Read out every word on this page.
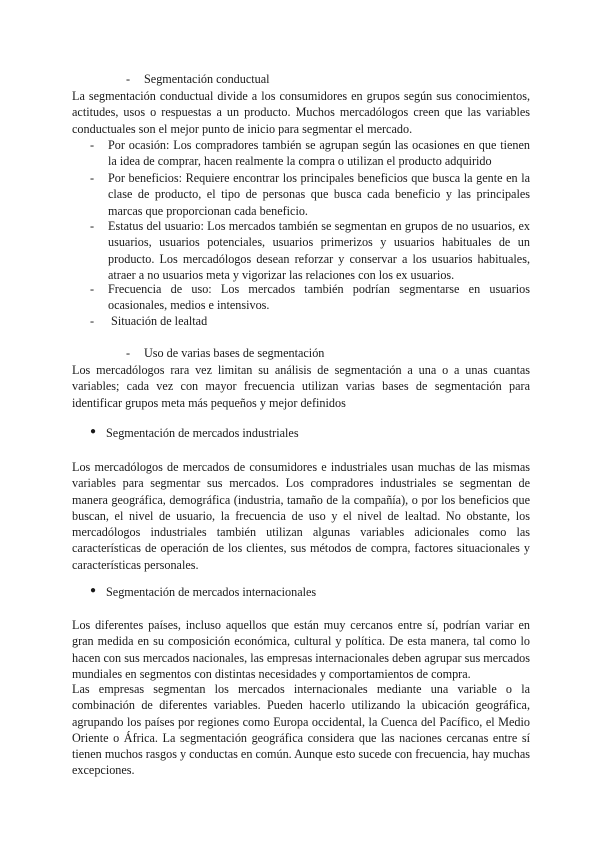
- Segmentación conductual

La segmentación conductual divide a los consumidores en grupos según sus conocimientos, actitudes, usos o respuestas a un producto. Muchos mercadólogos creen que las variables conductuales son el mejor punto de inicio para segmentar el mercado.

- Por ocasión: Los compradores también se agrupan según las ocasiones en que tienen la idea de comprar, hacen realmente la compra o utilizan el producto adquirido
- Por beneficios: Requiere encontrar los principales beneficios que busca la gente en la clase de producto, el tipo de personas que busca cada beneficio y las principales marcas que proporcionan cada beneficio.
- Estatus del usuario: Los mercados también se segmentan en grupos de no usuarios, ex usuarios, usuarios potenciales, usuarios primerizos y usuarios habituales de un producto. Los mercadólogos desean reforzar y conservar a los usuarios habituales, atraer a no usuarios meta y vigorizar las relaciones con los ex usuarios.
- Frecuencia de uso: Los mercados también podrían segmentarse en usuarios ocasionales, medios e intensivos.
- Situación de lealtad
- Uso de varias bases de segmentación

Los mercadólogos rara vez limitan su análisis de segmentación a una o a unas cuantas variables; cada vez con mayor frecuencia utilizan varias bases de segmentación para identificar grupos meta más pequeños y mejor definidos

● Segmentación de mercados industriales

Los mercadólogos de mercados de consumidores e industriales usan muchas de las mismas variables para segmentar sus mercados. Los compradores industriales se segmentan de manera geográfica, demográfica (industria, tamaño de la compañía), o por los beneficios que buscan, el nivel de usuario, la frecuencia de uso y el nivel de lealtad. No obstante, los mercadólogos industriales también utilizan algunas variables adicionales como las características de operación de los clientes, sus métodos de compra, factores situacionales y características personales.

● Segmentación de mercados internacionales

Los diferentes países, incluso aquellos que están muy cercanos entre sí, podrían variar en gran medida en su composición económica, cultural y política. De esta manera, tal como lo hacen con sus mercados nacionales, las empresas internacionales deben agrupar sus mercados mundiales en segmentos con distintas necesidades y comportamientos de compra.

Las empresas segmentan los mercados internacionales mediante una variable o la combinación de diferentes variables. Pueden hacerlo utilizando la ubicación geográfica, agrupando los países por regiones como Europa occidental, la Cuenca del Pacífico, el Medio Oriente o África. La segmentación geográfica considera que las naciones cercanas entre sí tienen muchos rasgos y conductas en común. Aunque esto sucede con frecuencia, hay muchas excepciones.
